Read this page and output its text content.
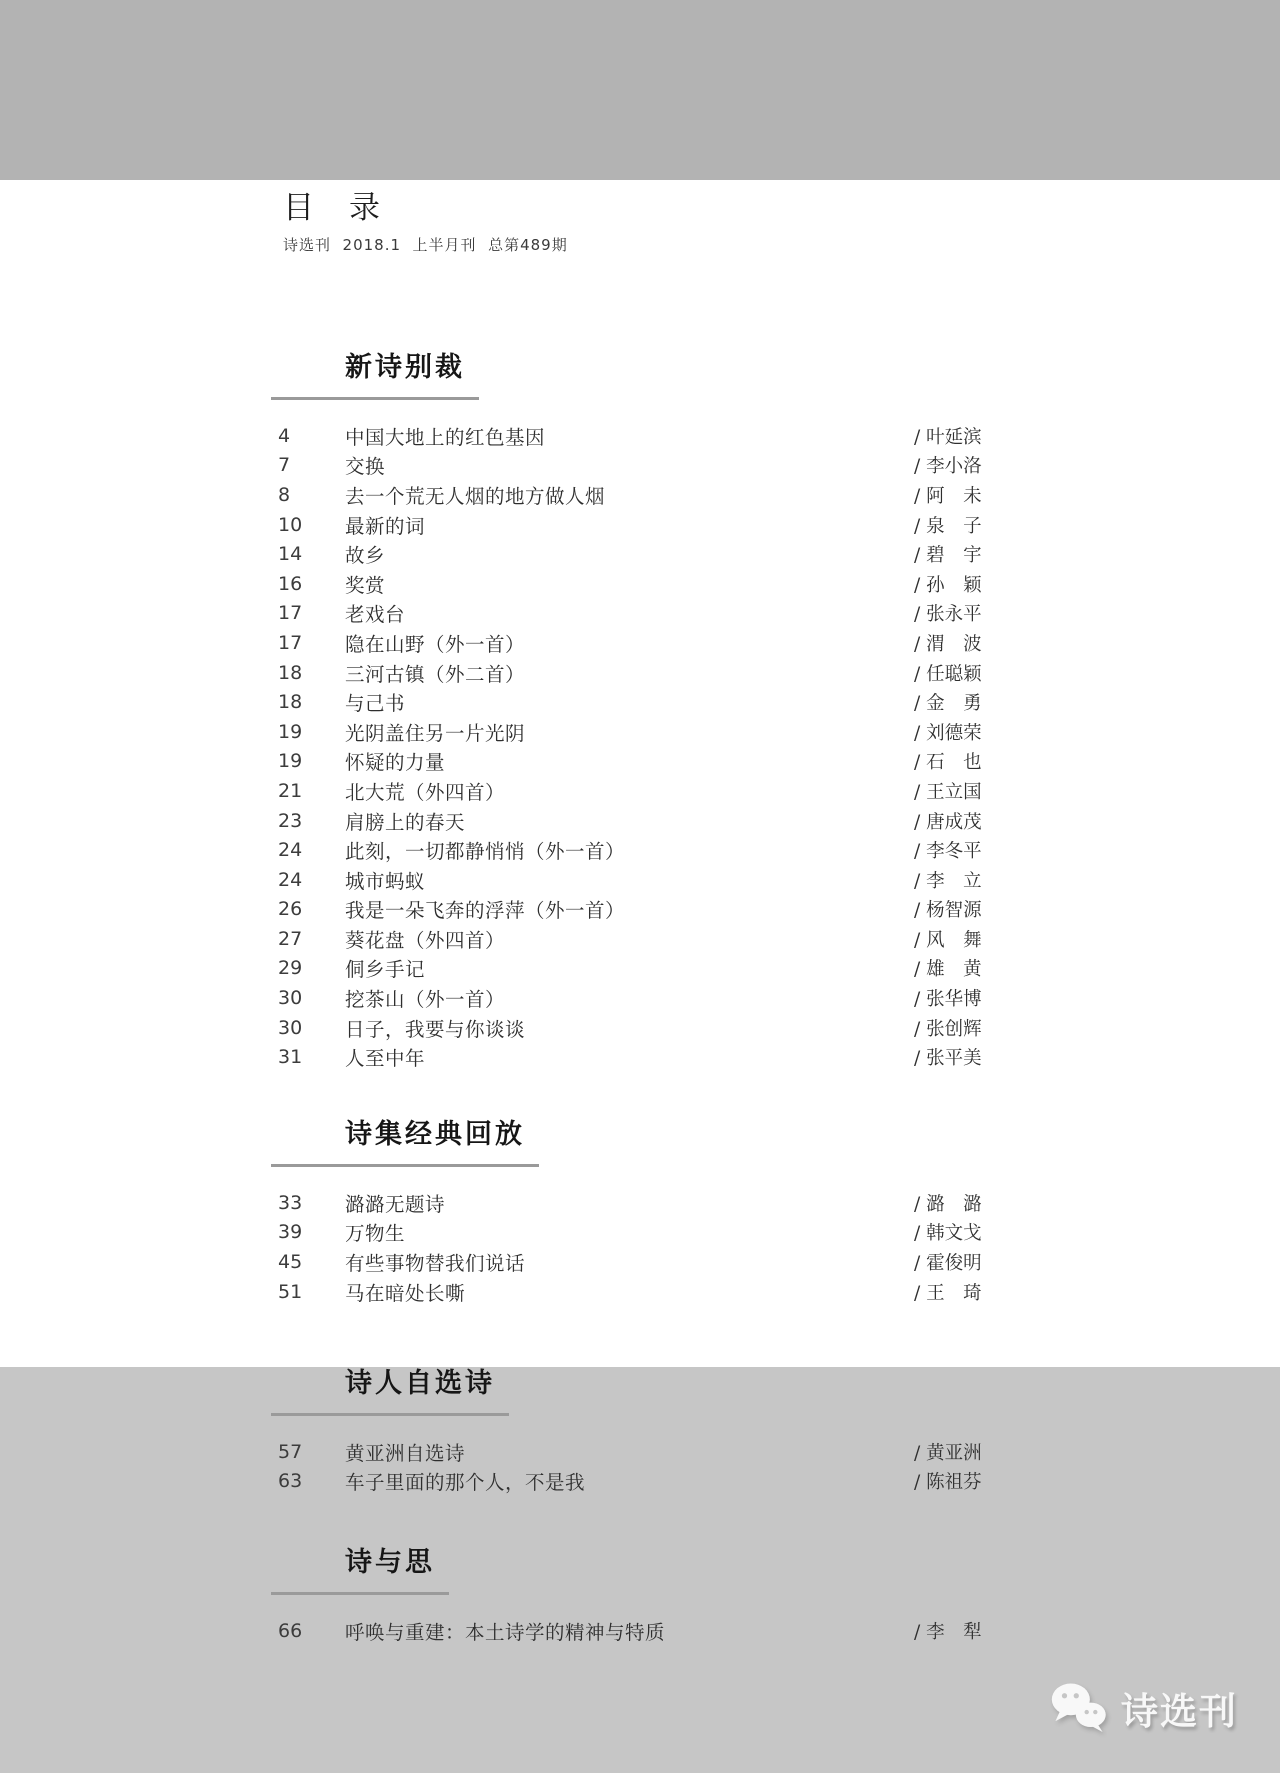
目　录
诗选刊  2018.1  上半月刊  总第489期
新诗别裁
4	中国大地上的红色基因	/ 叶延滨
7	交换	/ 李小洛
8	去一个荒无人烟的地方做人烟	/ 阿　未
10	最新的词	/ 泉　子
14	故乡	/ 碧　宇
16	奖赏	/ 孙　颖
17	老戏台	/ 张永平
17	隐在山野（外一首）	/ 渭　波
18	三河古镇（外二首）	/ 任聪颖
18	与己书	/ 金　勇
19	光阴盖住另一片光阴	/ 刘德荣
19	怀疑的力量	/ 石　也
21	北大荒（外四首）	/ 王立国
23	肩膀上的春天	/ 唐成茂
24	此刻，一切都静悄悄（外一首）	/ 李冬平
24	城市蚂蚁	/ 李　立
26	我是一朵飞奔的浮萍（外一首）	/ 杨智源
27	葵花盘（外四首）	/ 风　舞
29	侗乡手记	/ 雄　黄
30	挖茶山（外一首）	/ 张华博
30	日子，我要与你谈谈	/ 张创辉
31	人至中年	/ 张平美
诗集经典回放
33	潞潞无题诗	/ 潞　潞
39	万物生	/ 韩文戈
45	有些事物替我们说话	/ 霍俊明
51	马在暗处长嘶	/ 王　琦
诗人自选诗
57	黄亚洲自选诗	/ 黄亚洲
63	车子里面的那个人，不是我	/ 陈祖芬
诗与思
66	呼唤与重建：本土诗学的精神与特质	/ 李　犁
诗选刊
